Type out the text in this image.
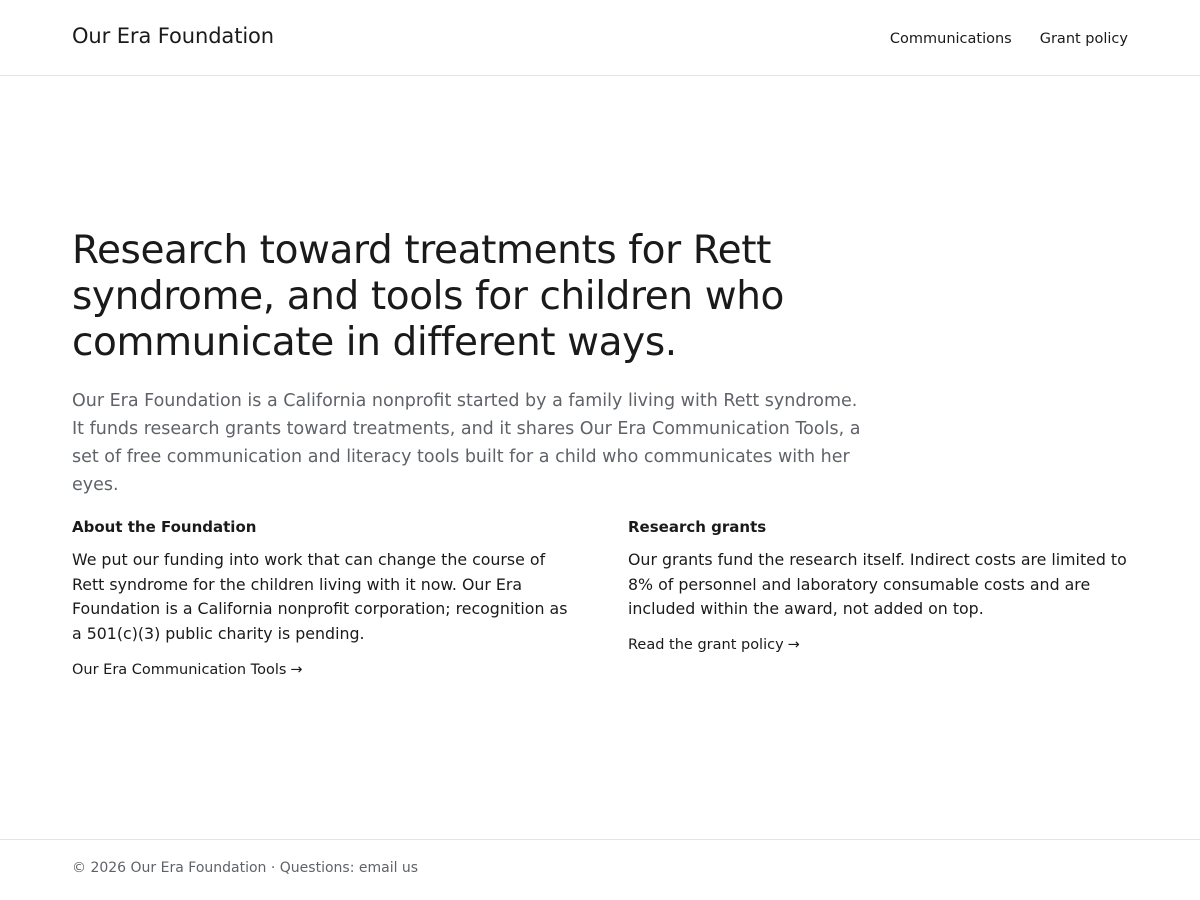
Our Era Foundation	Communications Grant policy
Research toward treatments for Rett syndrome, and tools for children who communicate in different ways.

Our Era Foundation is a California nonprofit started by a family living with Rett syndrome. It funds research grants toward treatments, and it shares Our Era Communication Tools, a set of free communication and literacy tools built for a child who communicates with her eyes.

About the Foundation

We put our funding into work that can change the course of Rett syndrome for the children living with it now. Our Era Foundation is a California nonprofit corporation; recognition as a 501(c)(3) public charity is pending.

Our Era Communication Tools →
Research grants

Our grants fund the research itself. Indirect costs are limited to 8% of personnel and laboratory consumable costs and are included within the award, not added on top.

Read the grant policy →
© 2026 Our Era Foundation · Questions: email us
